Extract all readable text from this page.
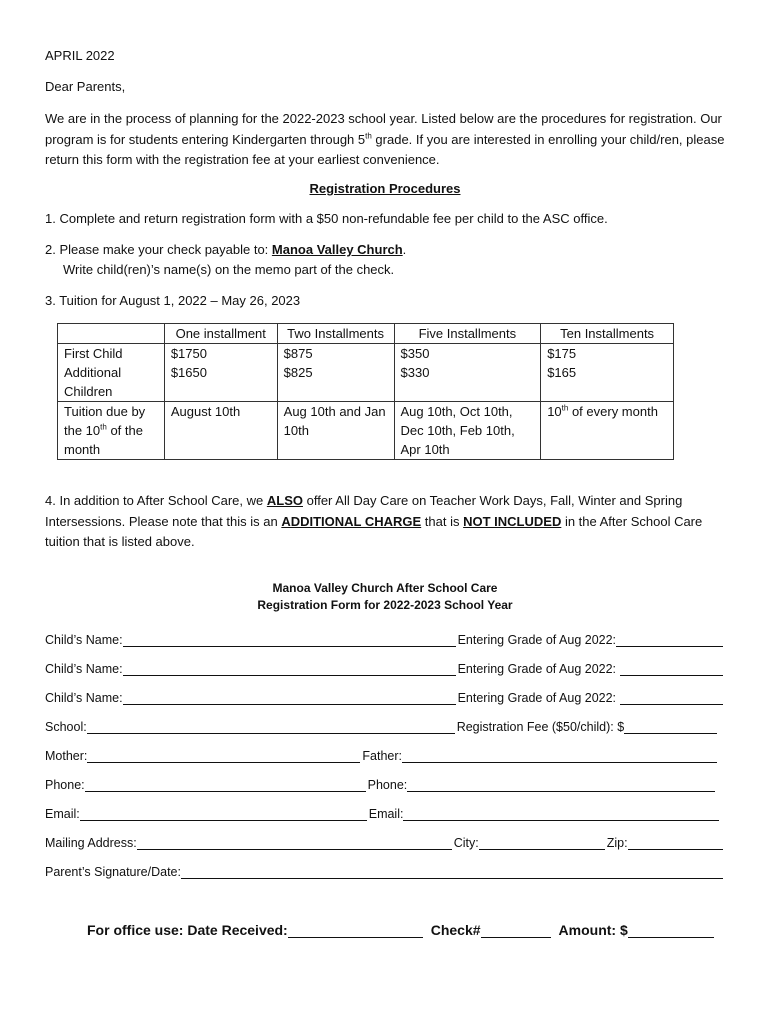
APRIL 2022
Dear Parents,
We are in the process of planning for the 2022-2023 school year. Listed below are the procedures for registration. Our program is for students entering Kindergarten through 5th grade. If you are interested in enrolling your child/ren, please return this form with the registration fee at your earliest convenience.
Registration Procedures
1. Complete and return registration form with a $50 non-refundable fee per child to the ASC office.
2. Please make your check payable to: Manoa Valley Church.
Write child(ren)’s name(s) on the memo part of the check.
3. Tuition for August 1, 2022 – May 26, 2023
	One installment	Two Installments	Five Installments	Ten Installments
First Child	$1750	$875	$350	$175
Additional Children	$1650	$825	$330	$165
Tuition due by the 10th of the month	August 10th	Aug 10th and Jan 10th	Aug 10th, Oct 10th, Dec 10th, Feb 10th, Apr 10th	10th of every month
4. In addition to After School Care, we ALSO offer All Day Care on Teacher Work Days, Fall, Winter and Spring Intersessions. Please note that this is an ADDITIONAL CHARGE that is NOT INCLUDED in the After School Care tuition that is listed above.
Manoa Valley Church After School Care
Registration Form for 2022-2023 School Year
Child’s Name:	Entering Grade of Aug 2022:
Child’s Name:	Entering Grade of Aug 2022:
Child’s Name:	Entering Grade of Aug 2022:
School:	Registration Fee ($50/child): $
Mother:	Father:
Phone:	Phone:
Email:	Email:
Mailing Address:	City:	Zip:
Parent’s Signature/Date:
For office use: Date Received:	Check#	Amount: $
